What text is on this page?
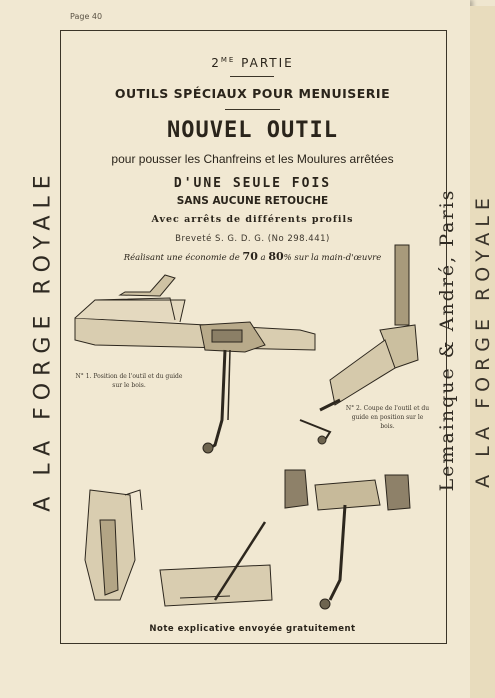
Page 40
A LA FORGE ROYALE	Lemainque & André, Paris A LA FORGE ROYALE
$2^{ME}$ PARTIE
OUTILS SPÉCIAUX POUR MENUISERIE
NOUVEL OUTIL
pour pousser les Chanfreins et les Moulures arrêtées
D'UNE SEULE FOIS
SANS AUCUNE RETOUCHE
Avec arrêts de différents profils
Breveté S. G. D. G. (No 298.441)
Réalisant une économie de 70 a 80% sur la main-d'œuvre
N° 1. Position de l'outil et du guide sur le bois.
N° 2. Coupe de l'outil et du guide en position sur le bois.
Note explicative envoyée gratuitement
